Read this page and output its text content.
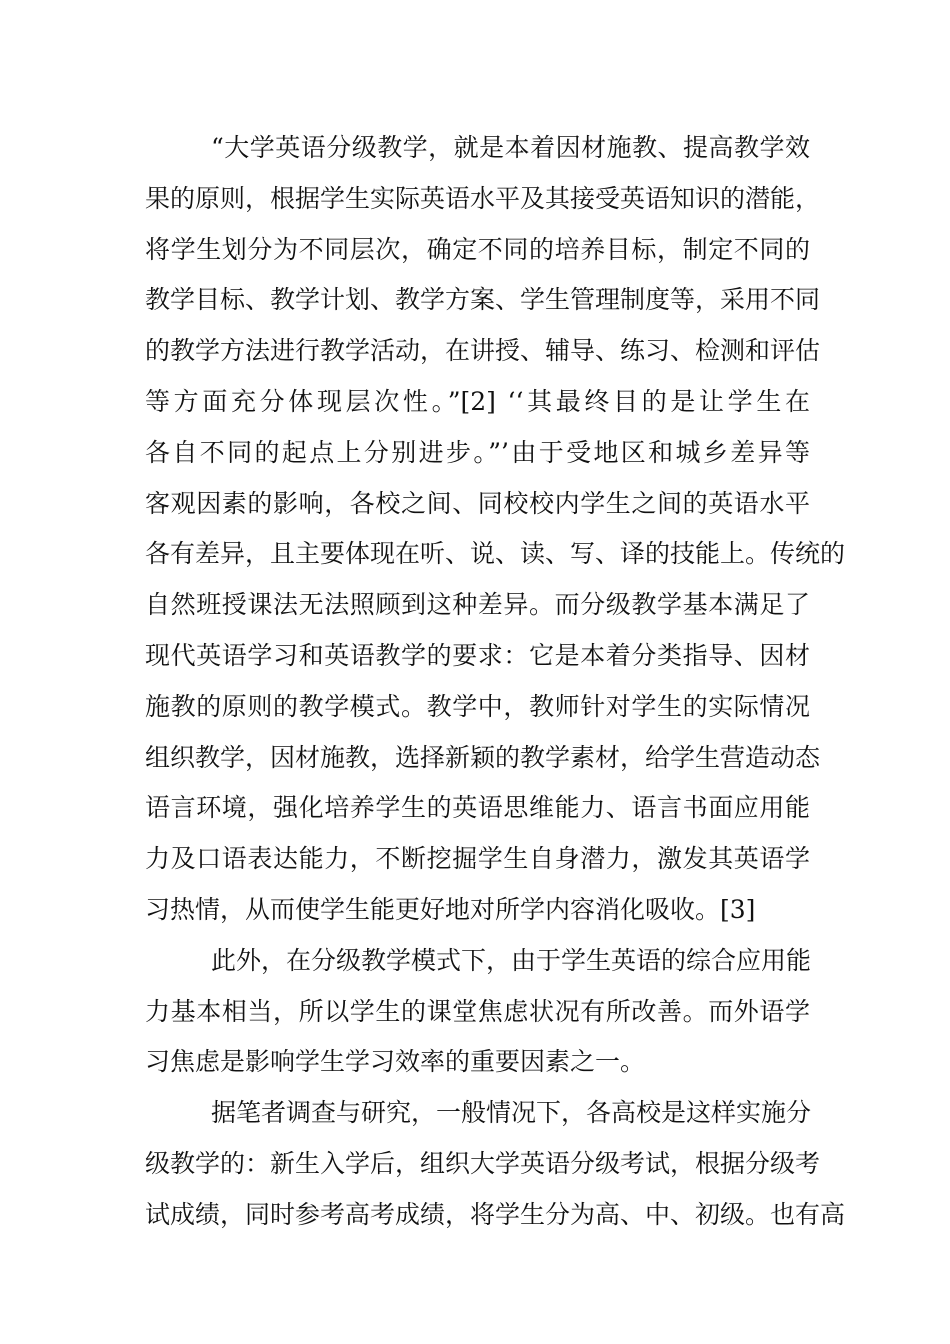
“大学英语分级教学，就是本着因材施教、提高教学效
果的原则，根据学生实际英语水平及其接受英语知识的潜能，
将学生划分为不同层次，确定不同的培养目标，制定不同的
教学目标、教学计划、教学方案、学生管理制度等，采用不同
的教学方法进行教学活动，在讲授、辅导、练习、检测和评估
等方面充分体现层次性。”[2] ‘‘其最终目的是让学生在
各自不同的起点上分别进步。”’由于受地区和城乡差异等
客观因素的影响，各校之间、同校校内学生之间的英语水平
各有差异，且主要体现在听、说、读、写、译的技能上。传统的
自然班授课法无法照顾到这种差异。而分级教学基本满足了
现代英语学习和英语教学的要求：它是本着分类指导、因材
施教的原则的教学模式。教学中，教师针对学生的实际情况
组织教学，因材施教，选择新颖的教学素材，给学生营造动态
语言环境，强化培养学生的英语思维能力、语言书面应用能
力及口语表达能力，不断挖掘学生自身潜力，激发其英语学
习热情，从而使学生能更好地对所学内容消化吸收。[3]
此外，在分级教学模式下，由于学生英语的综合应用能
力基本相当，所以学生的课堂焦虑状况有所改善。而外语学
习焦虑是影响学生学习效率的重要因素之一。
据笔者调查与研究，一般情况下，各高校是这样实施分
级教学的：新生入学后，组织大学英语分级考试，根据分级考
试成绩，同时参考高考成绩，将学生分为高、中、初级。也有高
